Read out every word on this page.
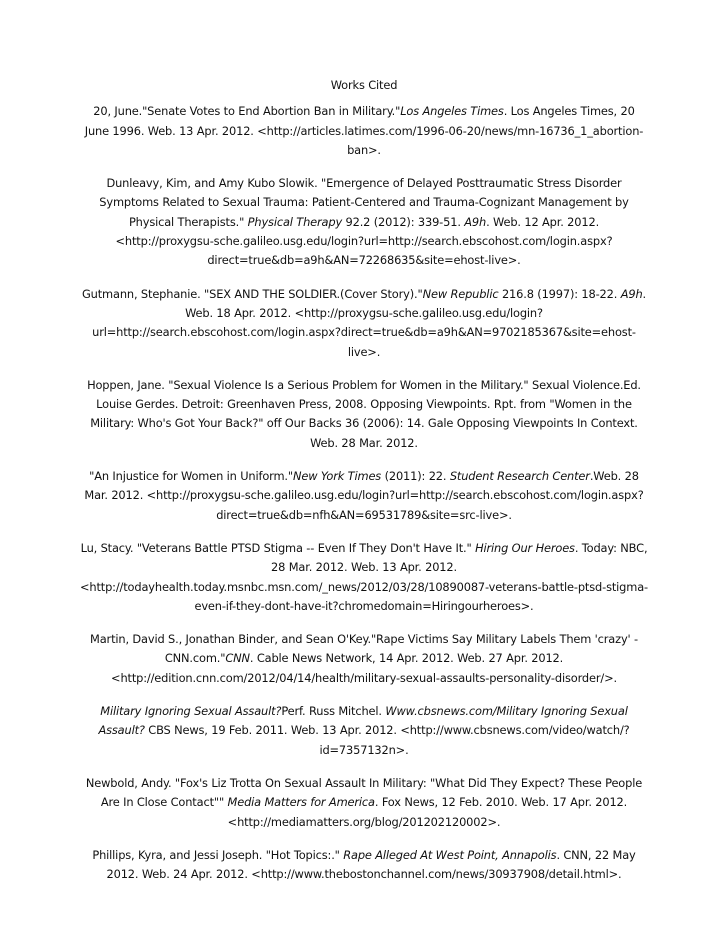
Works Cited
20, June."Senate Votes to End Abortion Ban in Military."Los Angeles Times. Los Angeles Times, 20 June 1996. Web. 13 Apr. 2012. <http://articles.latimes.com/1996-06-20/news/mn-16736_1_abortion-ban>.
Dunleavy, Kim, and Amy Kubo Slowik. "Emergence of Delayed Posttraumatic Stress Disorder Symptoms Related to Sexual Trauma: Patient-Centered and Trauma-Cognizant Management by Physical Therapists." Physical Therapy 92.2 (2012): 339-51. A9h. Web. 12 Apr. 2012. <http://proxygsu-sche.galileo.usg.edu/login?url=http://search.ebscohost.com/login.aspx?direct=true&db=a9h&AN=72268635&site=ehost-live>.
Gutmann, Stephanie. "SEX AND THE SOLDIER.(Cover Story)."New Republic 216.8 (1997): 18-22. A9h. Web. 18 Apr. 2012. <http://proxygsu-sche.galileo.usg.edu/login?url=http://search.ebscohost.com/login.aspx?direct=true&db=a9h&AN=9702185367&site=ehost-live>.
Hoppen, Jane. "Sexual Violence Is a Serious Problem for Women in the Military." Sexual Violence.Ed. Louise Gerdes. Detroit: Greenhaven Press, 2008. Opposing Viewpoints. Rpt. from "Women in the Military: Who's Got Your Back?" off Our Backs 36 (2006): 14. Gale Opposing Viewpoints In Context. Web. 28 Mar. 2012.
"An Injustice for Women in Uniform."New York Times (2011): 22. Student Research Center.Web. 28 Mar. 2012. <http://proxygsu-sche.galileo.usg.edu/login?url=http://search.ebscohost.com/login.aspx?direct=true&db=nfh&AN=69531789&site=src-live>.
Lu, Stacy. "Veterans Battle PTSD Stigma -- Even If They Don't Have It." Hiring Our Heroes. Today: NBC, 28 Mar. 2012. Web. 13 Apr. 2012. <http://todayhealth.today.msnbc.msn.com/_news/2012/03/28/10890087-veterans-battle-ptsd-stigma-even-if-they-dont-have-it?chromedomain=Hiringourheroes>.
Martin, David S., Jonathan Binder, and Sean O'Key."Rape Victims Say Military Labels Them 'crazy' - CNN.com."CNN. Cable News Network, 14 Apr. 2012. Web. 27 Apr. 2012. <http://edition.cnn.com/2012/04/14/health/military-sexual-assaults-personality-disorder/>.
Military Ignoring Sexual Assault?Perf. Russ Mitchel. Www.cbsnews.com/Military Ignoring Sexual Assault? CBS News, 19 Feb. 2011. Web. 13 Apr. 2012. <http://www.cbsnews.com/video/watch/?id=7357132n>.
Newbold, Andy. "Fox's Liz Trotta On Sexual Assault In Military: "What Did They Expect? These People Are In Close Contact"" Media Matters for America. Fox News, 12 Feb. 2010. Web. 17 Apr. 2012. <http://mediamatters.org/blog/201202120002>.
Phillips, Kyra, and Jessi Joseph. "Hot Topics:." Rape Alleged At West Point, Annapolis. CNN, 22 May 2012. Web. 24 Apr. 2012. <http://www.thebostonchannel.com/news/30937908/detail.html>.
